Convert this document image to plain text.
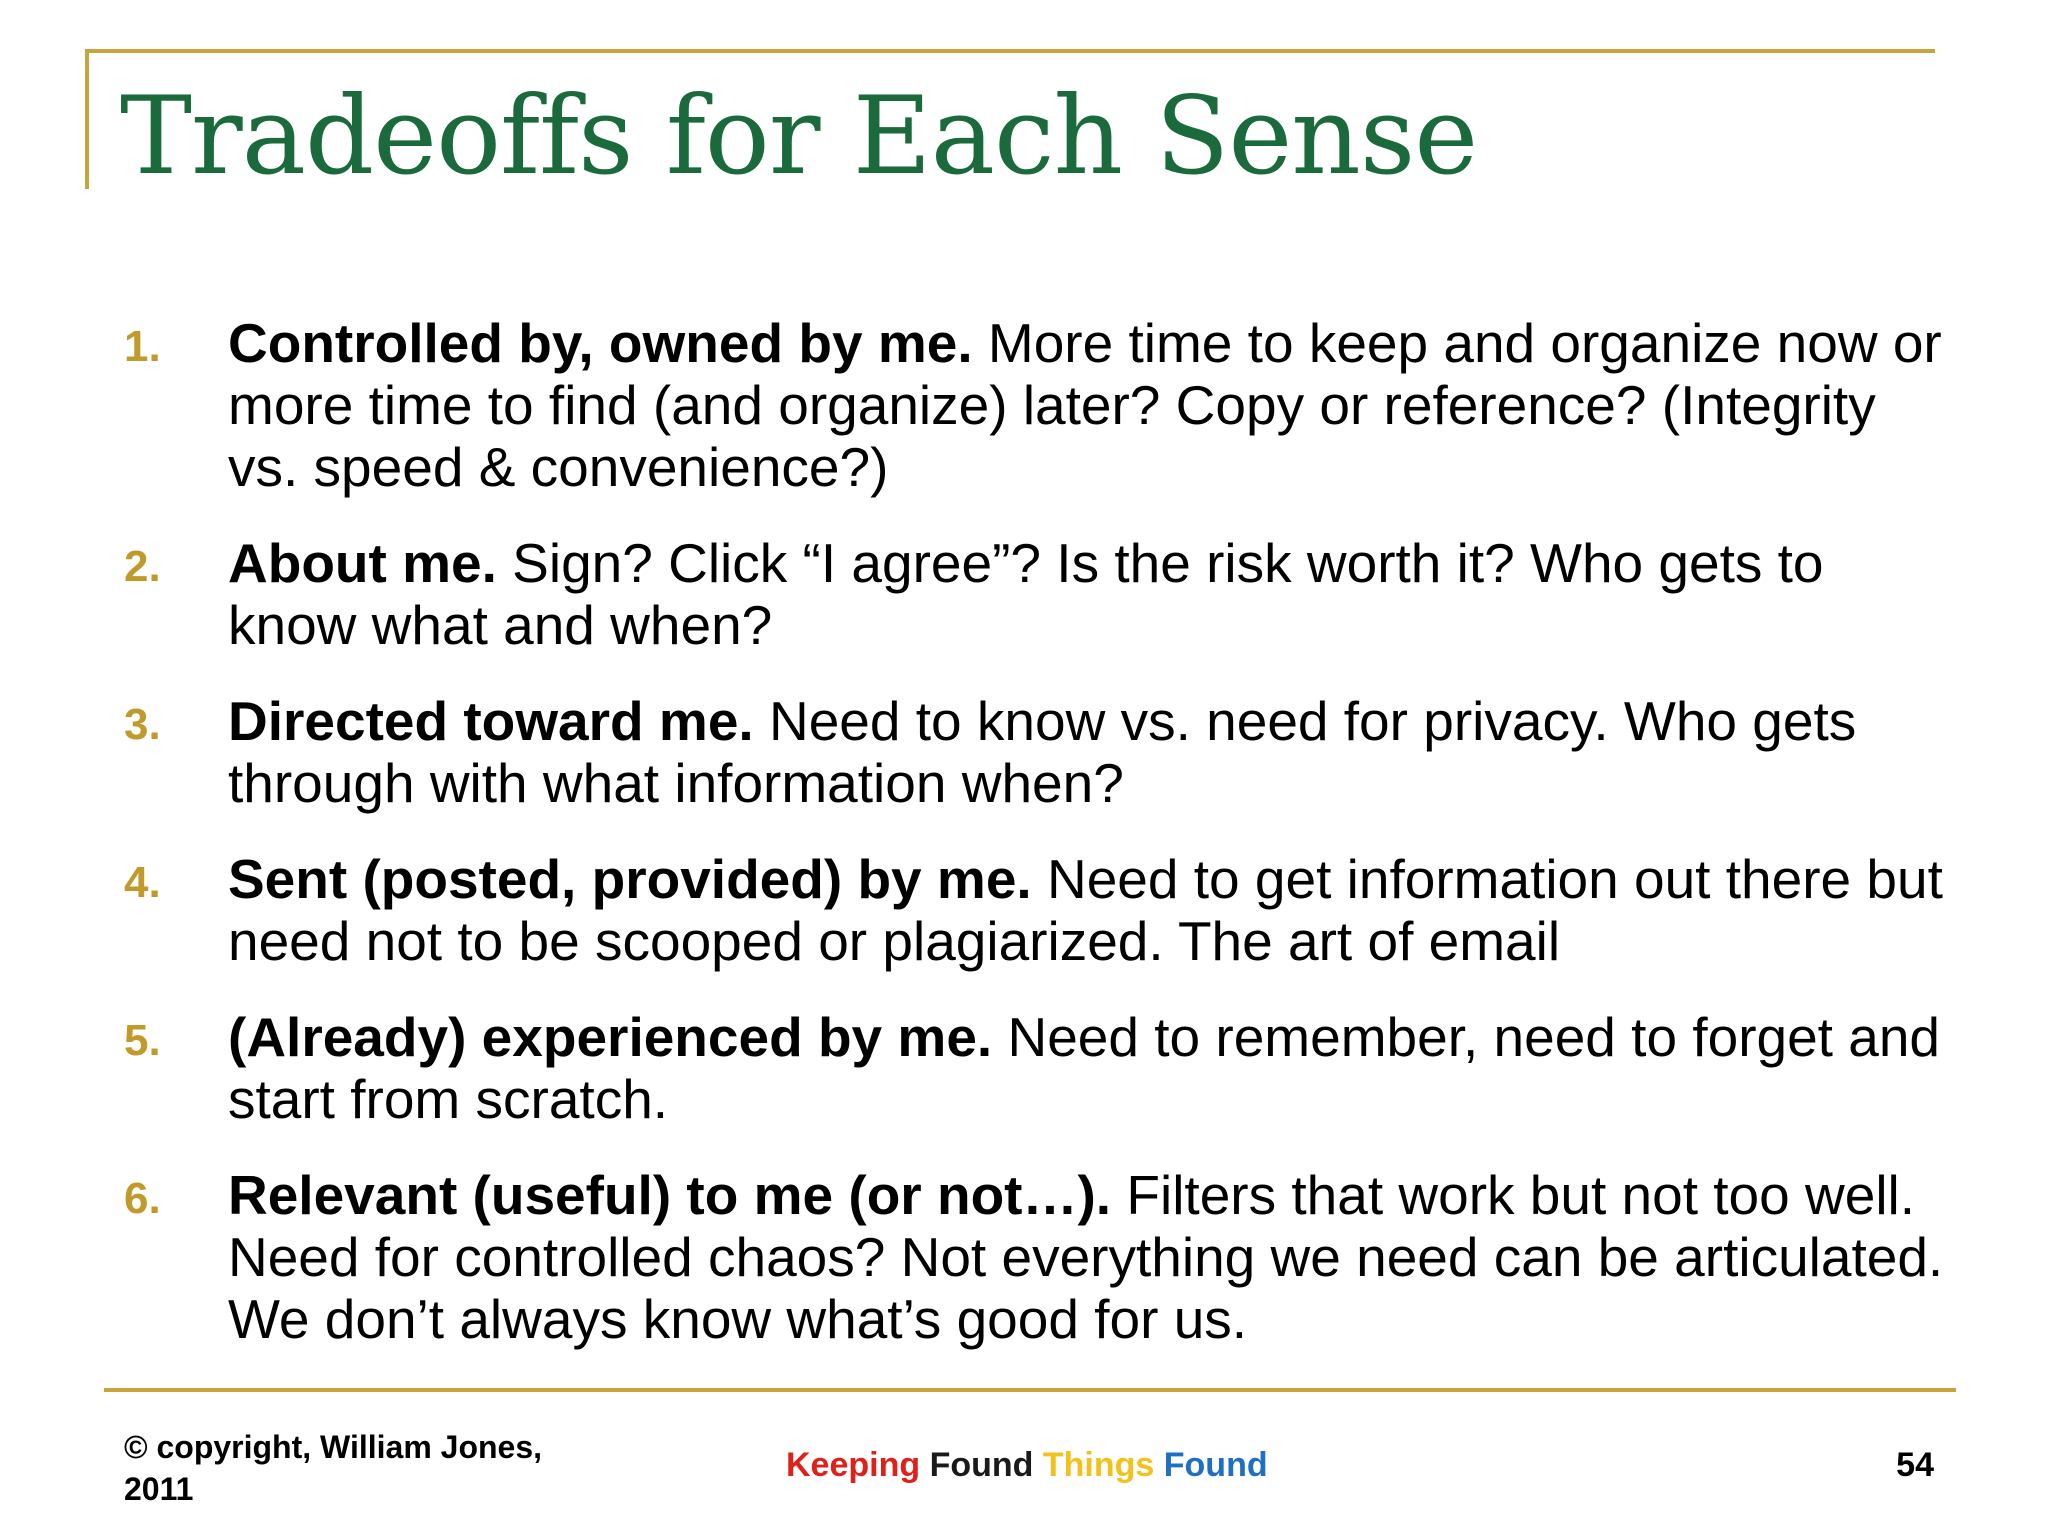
Tradeoffs for Each Sense
1. Controlled by, owned by me. More time to keep and organize now or more time to find (and organize) later? Copy or reference? (Integrity vs. speed & convenience?)
2. About me. Sign? Click “I agree”? Is the risk worth it? Who gets to know what and when?
3. Directed toward me. Need to know vs. need for privacy. Who gets through with what information when?
4. Sent (posted, provided) by me. Need to get information out there but need not to be scooped or plagiarized. The art of email
5. (Already) experienced by me. Need to remember, need to forget and start from scratch.
6. Relevant (useful) to me (or not…). Filters that work but not too well. Need for controlled chaos? Not everything we need can be articulated. We don’t always know what’s good for us.
© copyright, William Jones,
2011
Keeping Found Things Found	54
